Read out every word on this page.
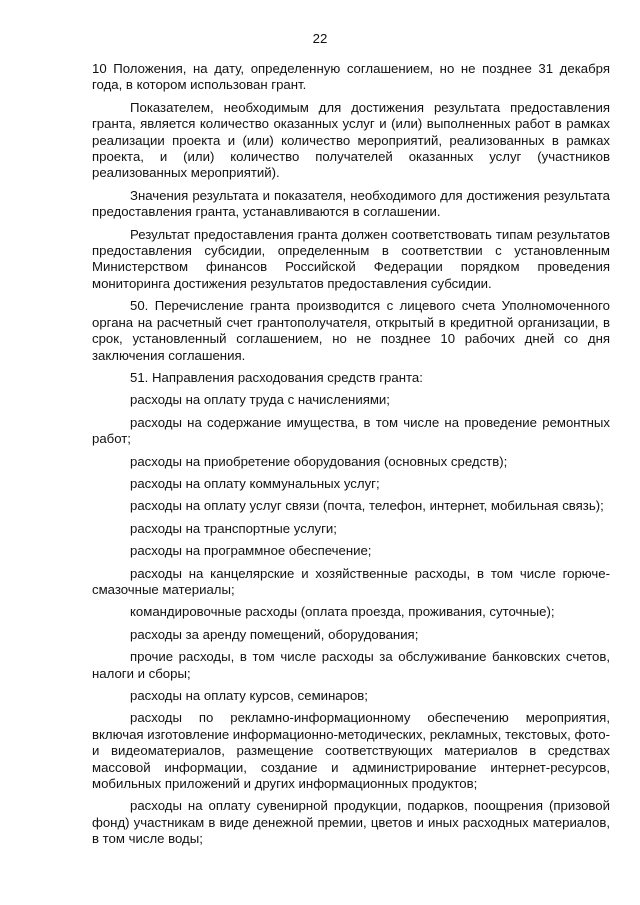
22

10 Положения, на дату, определенную соглашением, но не позднее 31 декабря года, в котором использован грант.

Показателем, необходимым для достижения результата предоставления гранта, является количество оказанных услуг и (или) выполненных работ в рамках реализации проекта и (или) количество мероприятий, реализованных в рамках проекта, и (или) количество получателей оказанных услуг (участников реализованных мероприятий).

Значения результата и показателя, необходимого для достижения результата предоставления гранта, устанавливаются в соглашении.

Результат предоставления гранта должен соответствовать типам результатов предоставления субсидии, определенным в соответствии с установленным Министерством финансов Российской Федерации порядком проведения мониторинга достижения результатов предоставления субсидии.

50. Перечисление гранта производится с лицевого счета Уполномоченного органа на расчетный счет грантополучателя, открытый в кредитной организации, в срок, установленный соглашением, но не позднее 10 рабочих дней со дня заключения соглашения.

51. Направления расходования средств гранта:

расходы на оплату труда с начислениями;

расходы на содержание имущества, в том числе на проведение ремонтных работ;

расходы на приобретение оборудования (основных средств);

расходы на оплату коммунальных услуг;

расходы на оплату услуг связи (почта, телефон, интернет, мобильная связь);

расходы на транспортные услуги;

расходы на программное обеспечение;

расходы на канцелярские и хозяйственные расходы, в том числе горюче-смазочные материалы;

командировочные расходы (оплата проезда, проживания, суточные);

расходы за аренду помещений, оборудования;

прочие расходы, в том числе расходы за обслуживание банковских счетов, налоги и сборы;

расходы на оплату курсов, семинаров;

расходы по рекламно-информационному обеспечению мероприятия, включая изготовление информационно-методических, рекламных, текстовых, фото- и видеоматериалов, размещение соответствующих материалов в средствах массовой информации, создание и администрирование интернет-ресурсов, мобильных приложений и других информационных продуктов;

расходы на оплату сувенирной продукции, подарков, поощрения (призовой фонд) участникам в виде денежной премии, цветов и иных расходных материалов, в том числе воды;
